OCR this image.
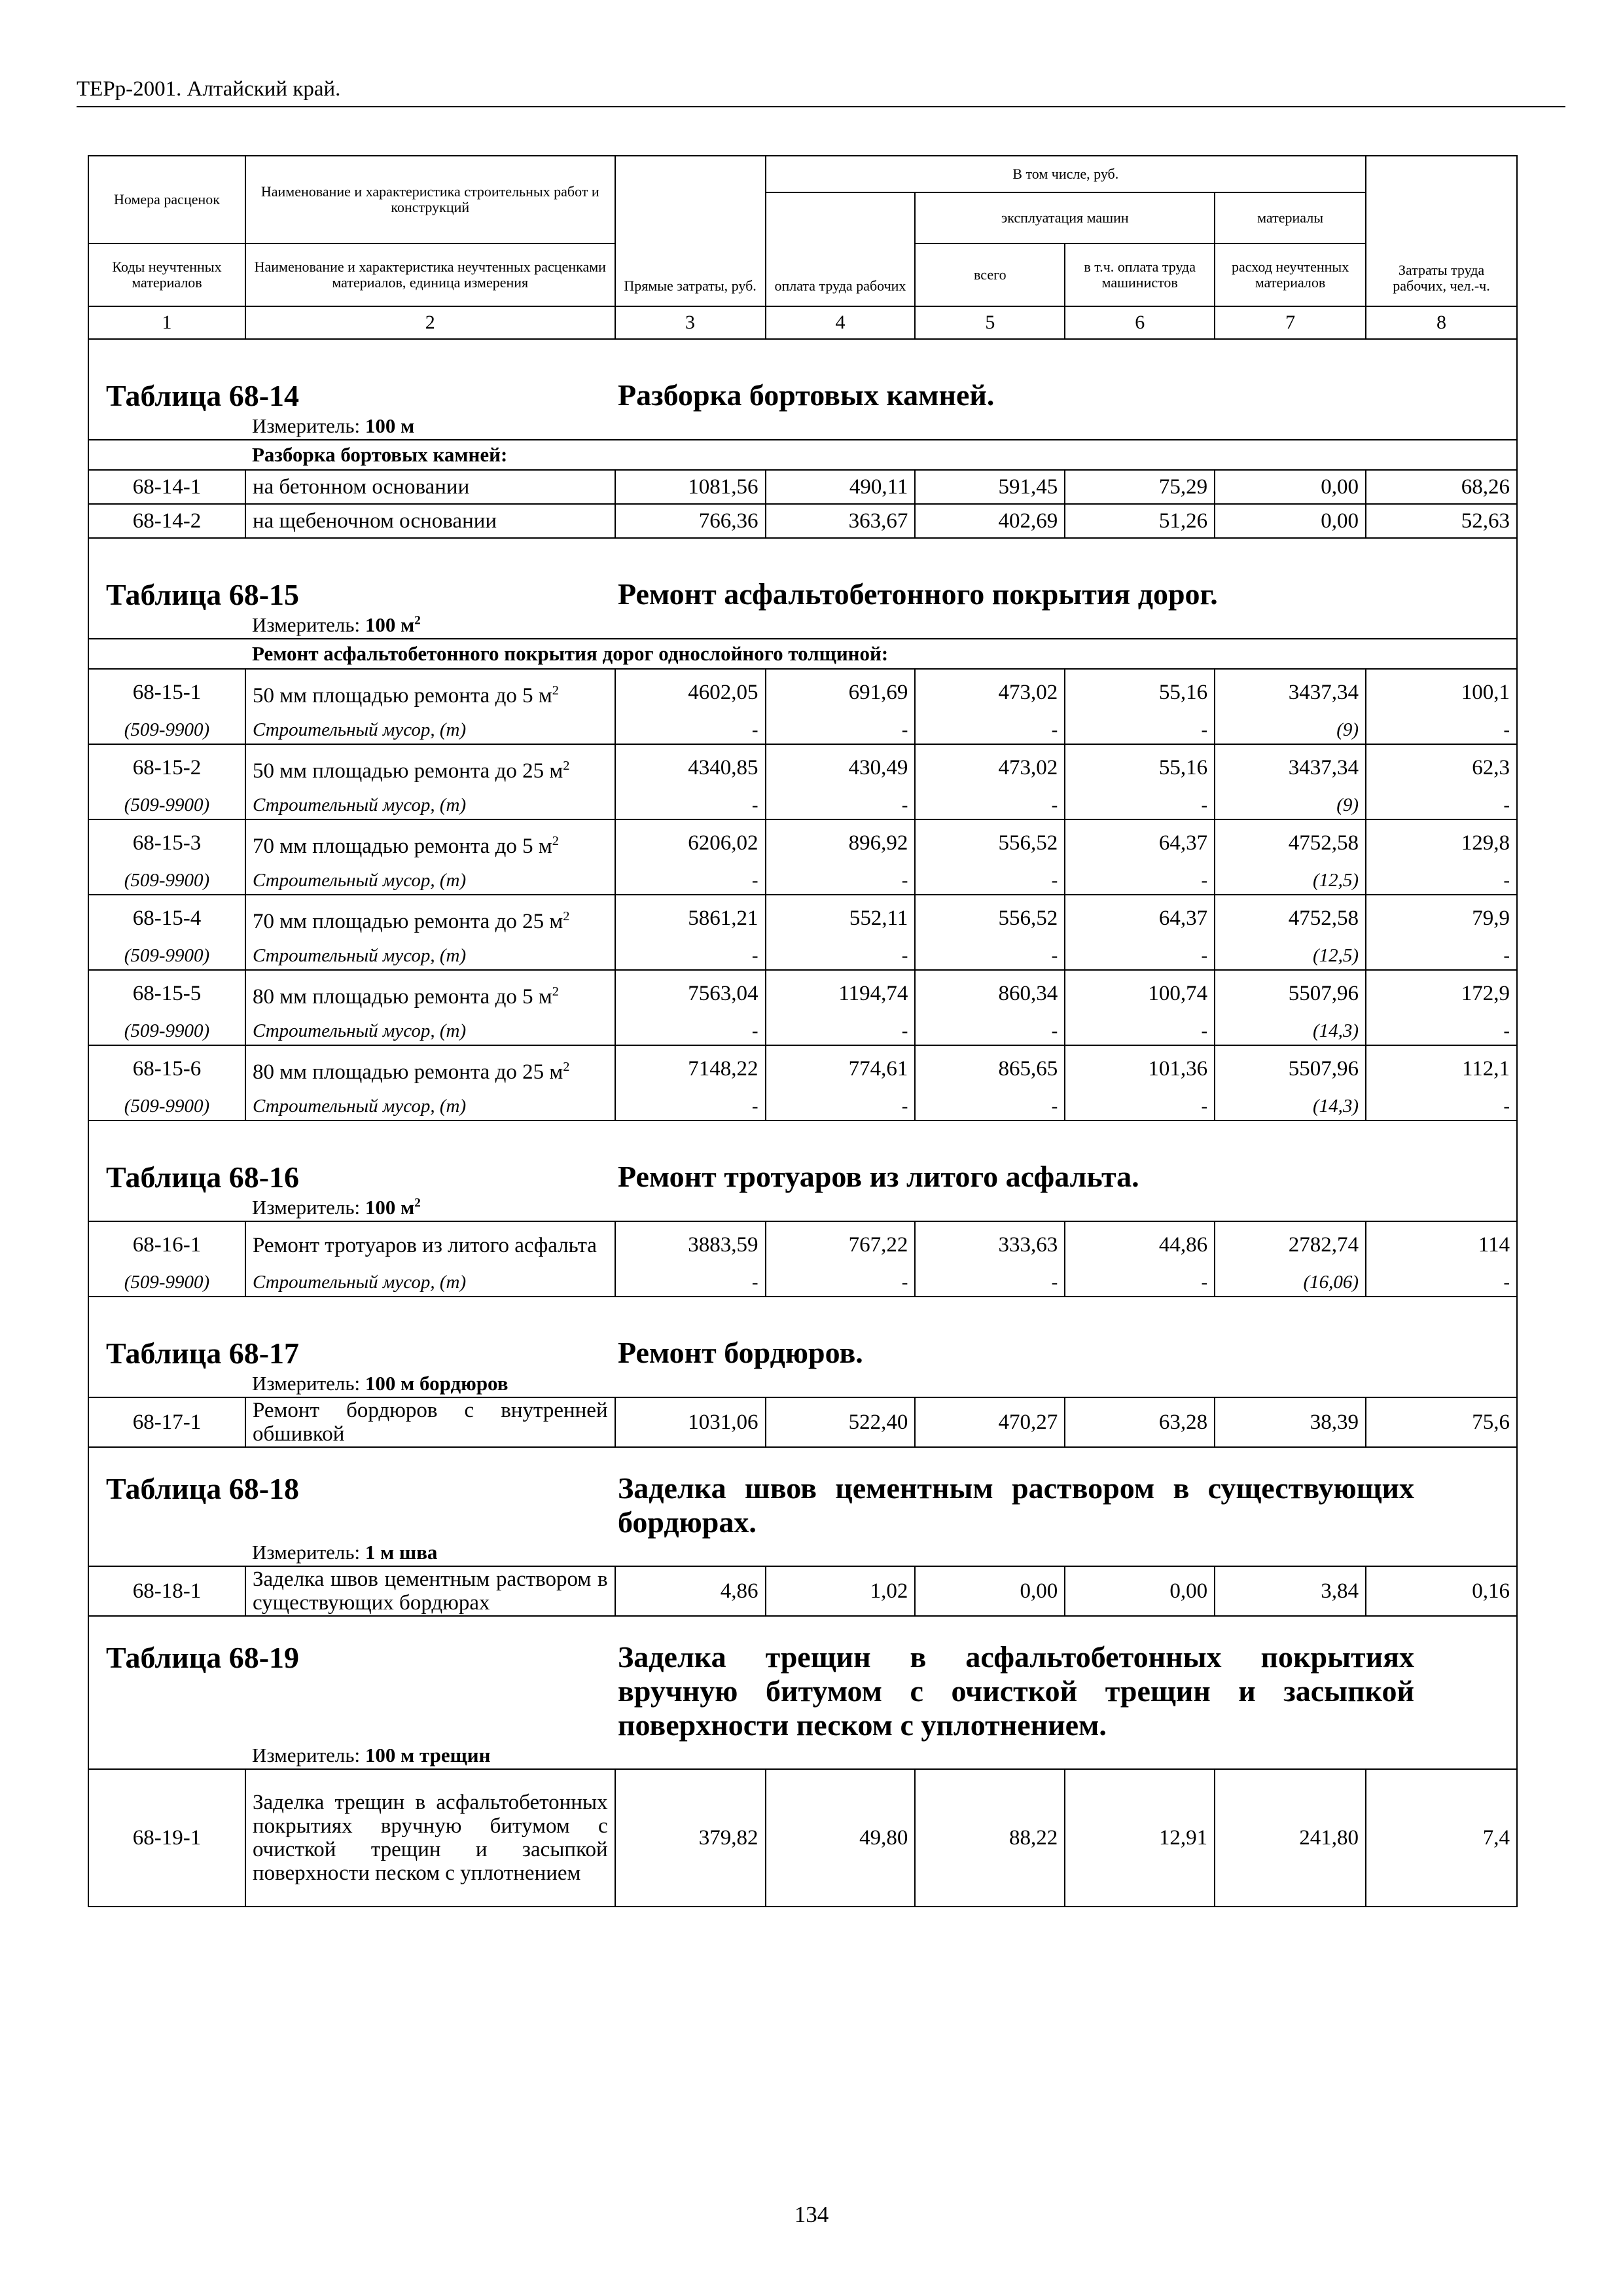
ТЕРр-2001. Алтайский край.
Номера расценок	Наименование и характеристика строительных работ и конструкций	Прямые затраты, руб.	В том числе, руб.				Затраты труда рабочих, чел.-ч.
			оплата труда рабочих	эксплуатация машин		материалы	
Коды неучтенных материалов	Наименование и характеристика неучтенных расценками материалов, единица измерения			всего	в т.ч. оплата труда машинистов	расход неучтенных материалов	
1	2	3	4	5	6	7	8

Таблица 68-14 Разборка бортовых камней.							

	Измеритель: 100 м						
	Разборка бортовых камней:						
68-14-1	на бетонном основании	1081,56	490,11	591,45	75,29	0,00	68,26
68-14-2	на щебеночном основании	766,36	363,67	402,69	51,26	0,00	52,63

Таблица 68-15 Ремонт асфальтобетонного покрытия дорог.							

	Измеритель: 100 $м^2$
	Ремонт асфальтобетонного покрытия дорог однослойного толщиной:						
68-15-1	50 мм площадью ремонта до 5 $м^2$	4602,05	691,69	473,02	55,16	3437,34	100,1
(509-9900)	Строительный мусор, (т)	-	-	-	-	(9)	-
68-15-2	50 мм площадью ремонта до 25 $м^2$	4340,85	430,49	473,02	55,16	3437,34	62,3
(509-9900)	Строительный мусор, (т)	-	-	-	-	(9)	-
68-15-3	70 мм площадью ремонта до 5 $м^2$	6206,02	896,92	556,52	64,37	4752,58	129,8
(509-9900)	Строительный мусор, (т)	-	-	-	-	(12,5)	-
68-15-4	70 мм площадью ремонта до 25 $м^2$	5861,21	552,11	556,52	64,37	4752,58	79,9
(509-9900)	Строительный мусор, (т)	-	-	-	-	(12,5)	-
68-15-5	80 мм площадью ремонта до 5 $м^2$	7563,04	1194,74	860,34	100,74	5507,96	172,9
(509-9900)	Строительный мусор, (т)	-	-	-	-	(14,3)	-
68-15-6	80 мм площадью ремонта до 25 $м^2$	7148,22	774,61	865,65	101,36	5507,96	112,1
(509-9900)	Строительный мусор, (т)	-	-	-	-	(14,3)	-

Таблица 68-16 Ремонт тротуаров из литого асфальта.							

	Измеритель: 100 $м^2$
68-16-1	Ремонт тротуаров из литого асфальта	3883,59	767,22	333,63	44,86	2782,74	114
(509-9900)	Строительный мусор, (т)	-	-	-	-	(16,06)	-

Таблица 68-17 Ремонт бордюров.							

	Измеритель: 100 м бордюров						
68-17-1	Ремонт бордюров с внутренней обшивкой	1031,06	522,40	470,27	63,28	38,39	75,6

Таблица 68-18 Заделка швов цементным раствором в существующих бордюрах.							

	Измеритель: 1 м шва						
68-18-1	Заделка швов цементным раствором в существующих бордюрах	4,86	1,02	0,00	0,00	3,84	0,16

Таблица 68-19 Заделка трещин в асфальтобетонных покрытиях вручную битумом с очисткой трещин и засыпкой поверхности песком с уплотнением.							

	Измеритель: 100 м трещин						
68-19-1	Заделка трещин в асфальтобетонных покрытиях вручную битумом с очисткой трещин и засыпкой поверхности песком с уплотнением	379,82	49,80	88,22	12,91	241,80	7,4
134
